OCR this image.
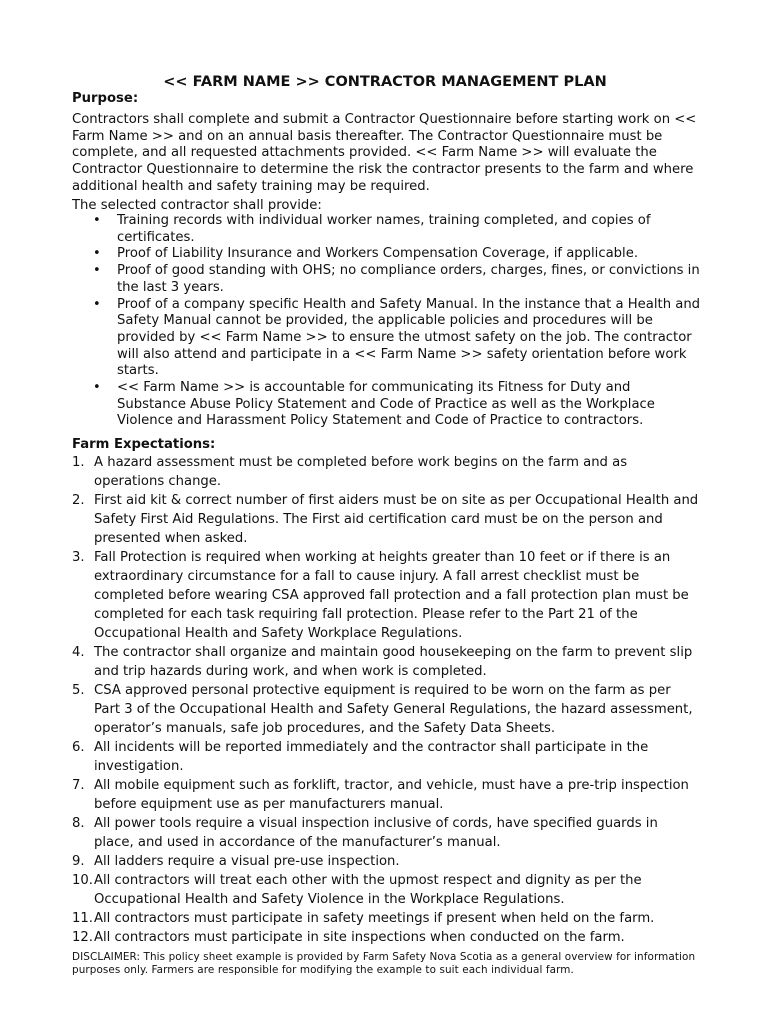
<< FARM NAME >> CONTRACTOR MANAGEMENT PLAN
Purpose:
Contractors shall complete and submit a Contractor Questionnaire before starting work on << Farm Name >> and on an annual basis thereafter. The Contractor Questionnaire must be complete, and all requested attachments provided. << Farm Name >> will evaluate the Contractor Questionnaire to determine the risk the contractor presents to the farm and where additional health and safety training may be required.
The selected contractor shall provide:
• Training records with individual worker names, training completed, and copies of certificates.
• Proof of Liability Insurance and Workers Compensation Coverage, if applicable.
• Proof of good standing with OHS; no compliance orders, charges, fines, or convictions in the last 3 years.
• Proof of a company specific Health and Safety Manual. In the instance that a Health and Safety Manual cannot be provided, the applicable policies and procedures will be provided by << Farm Name >> to ensure the utmost safety on the job. The contractor will also attend and participate in a << Farm Name >> safety orientation before work starts.
• << Farm Name >> is accountable for communicating its Fitness for Duty and Substance Abuse Policy Statement and Code of Practice as well as the Workplace Violence and Harassment Policy Statement and Code of Practice to contractors.
Farm Expectations:
1. A hazard assessment must be completed before work begins on the farm and as operations change.
2. First aid kit & correct number of first aiders must be on site as per Occupational Health and Safety First Aid Regulations. The First aid certification card must be on the person and presented when asked.
3. Fall Protection is required when working at heights greater than 10 feet or if there is an extraordinary circumstance for a fall to cause injury. A fall arrest checklist must be completed before wearing CSA approved fall protection and a fall protection plan must be completed for each task requiring fall protection. Please refer to the Part 21 of the Occupational Health and Safety Workplace Regulations.
4. The contractor shall organize and maintain good housekeeping on the farm to prevent slip and trip hazards during work, and when work is completed.
5. CSA approved personal protective equipment is required to be worn on the farm as per Part 3 of the Occupational Health and Safety General Regulations, the hazard assessment, operator’s manuals, safe job procedures, and the Safety Data Sheets.
6. All incidents will be reported immediately and the contractor shall participate in the investigation.
7. All mobile equipment such as forklift, tractor, and vehicle, must have a pre-trip inspection before equipment use as per manufacturers manual.
8. All power tools require a visual inspection inclusive of cords, have specified guards in place, and used in accordance of the manufacturer’s manual.
9. All ladders require a visual pre-use inspection.
10. All contractors will treat each other with the upmost respect and dignity as per the Occupational Health and Safety Violence in the Workplace Regulations.
11. All contractors must participate in safety meetings if present when held on the farm.
12. All contractors must participate in site inspections when conducted on the farm.
DISCLAIMER: This policy sheet example is provided by Farm Safety Nova Scotia as a general overview for information purposes only. Farmers are responsible for modifying the example to suit each individual farm.
